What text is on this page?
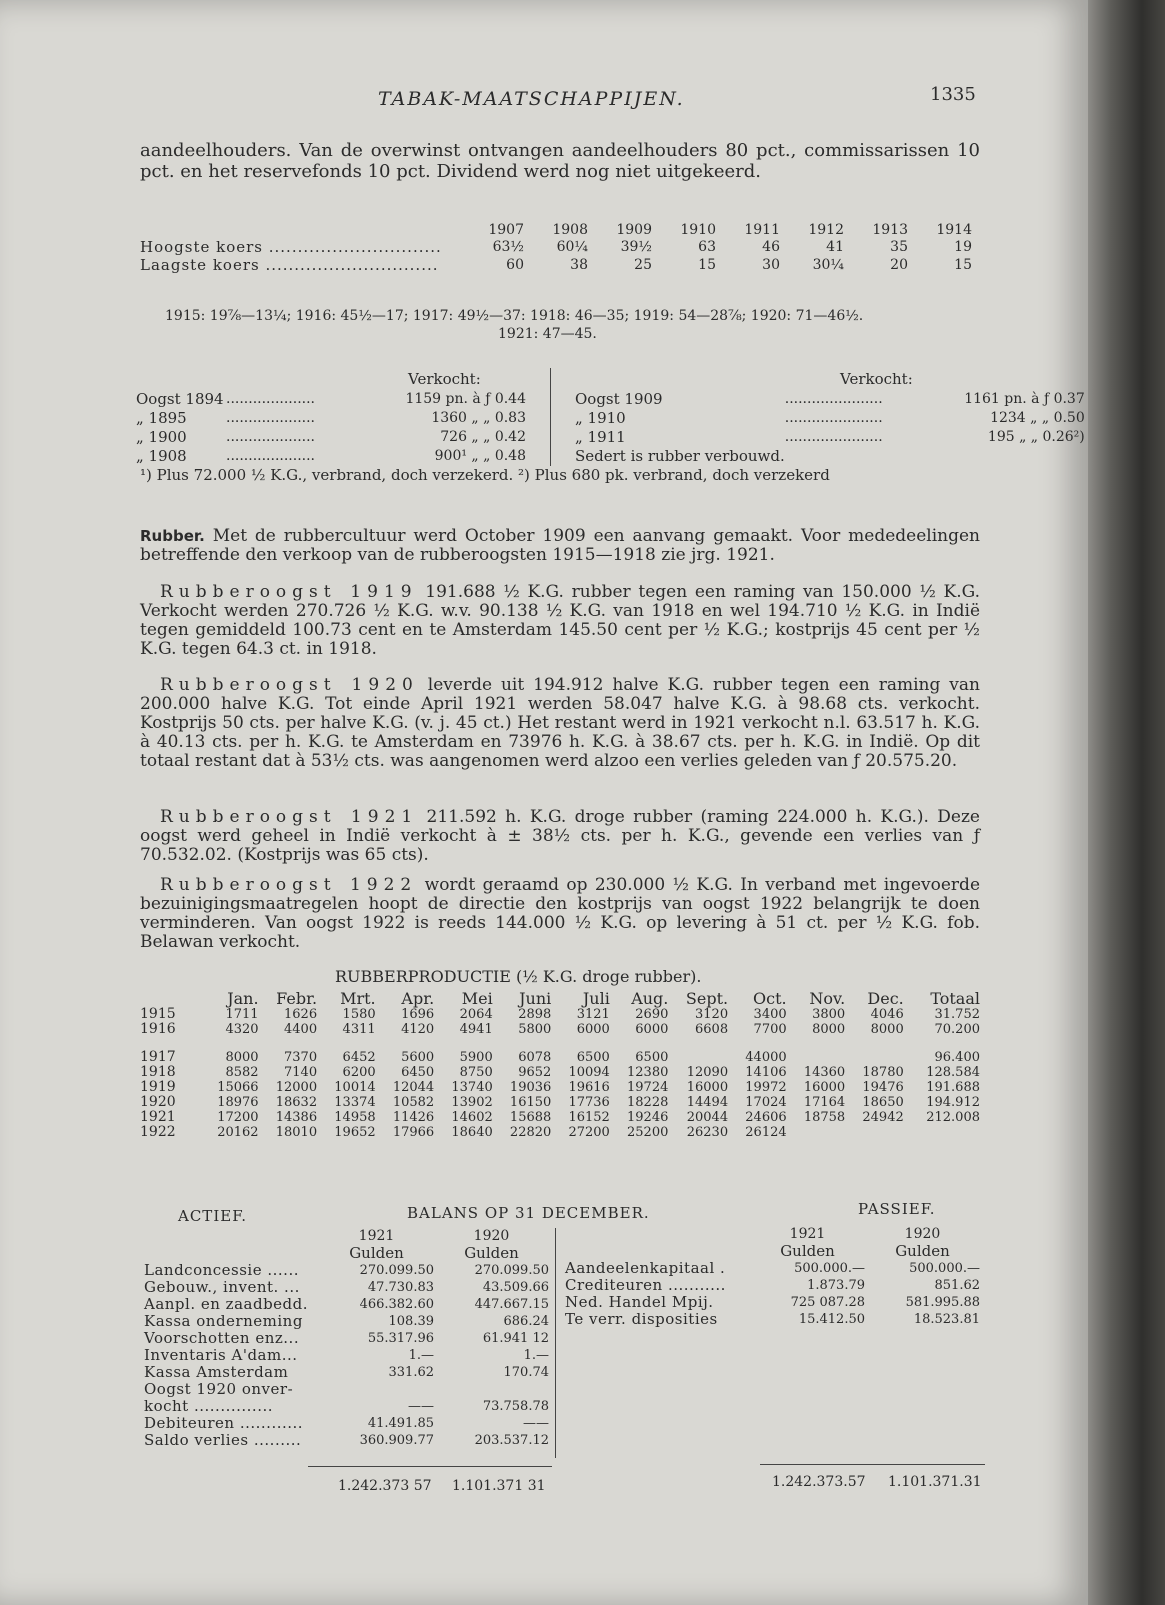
TABAK-MAATSCHAPPIJEN.	1335
aandeelhouders. Van de overwinst ontvangen aandeelhouders 80 pct., commissarissen 10 pct. en het reservefonds 10 pct. Dividend werd nog niet uitgekeerd.
	1907	1908	1909	1910	1911	1912	1913	1914
Hoogste koers ..............................	63½	60¼	39½	63	46	41	35	19
Laagste koers ..............................	60	38	25	15	30	30¼	20	15
1915: 19⅞—13¼; 1916: 45½—17; 1917: 49½—37: 1918: 46—35; 1919: 54—28⅞; 1920: 71—46½.
1921: 47—45.
Verkocht:	Verkocht:
Oogst 1894	....................	1159 pn. à ƒ 0.44
„ 1895	....................	1360 „ „ 0.83
„ 1900	....................	726 „ „ 0.42
„ 1908	....................	900¹ „ „ 0.48
Oogst 1909	......................	1161 pn. à ƒ 0.37
„ 1910	......................	1234 „ „ 0.50
„ 1911	......................	195 „ „ 0.26²)
Sedert is rubber verbouwd.		
¹) Plus 72.000 ½ K.G., verbrand, doch verzekerd. ²) Plus 680 pk. verbrand, doch verzekerd

Rubber. Met de rubbercultuur werd October 1909 een aanvang gemaakt. Voor mededeelingen betreffende den verkoop van de rubberoogsten 1915—1918 zie jrg. 1921.

Rubberoogst 1919 191.688 ½ K.G. rubber tegen een raming van 150.000 ½ K.G. Verkocht werden 270.726 ½ K.G. w.v. 90.138 ½ K.G. van 1918 en wel 194.710 ½ K.G. in Indië tegen gemiddeld 100.73 cent en te Amsterdam 145.50 cent per ½ K.G.; kostprijs 45 cent per ½ K.G. tegen 64.3 ct. in 1918.

Rubberoogst 1920 leverde uit 194.912 halve K.G. rubber tegen een raming van 200.000 halve K.G. Tot einde April 1921 werden 58.047 halve K.G. à 98.68 cts. verkocht. Kostprijs 50 cts. per halve K.G. (v. j. 45 ct.) Het restant werd in 1921 verkocht n.l. 63.517 h. K.G. à 40.13 cts. per h. K.G. te Amsterdam en 73976 h. K.G. à 38.67 cts. per h. K.G. in Indië. Op dit totaal restant dat à 53½ cts. was aangenomen werd alzoo een verlies geleden van ƒ 20.575.20.

Rubberoogst 1921 211.592 h. K.G. droge rubber (raming 224.000 h. K.G.). Deze oogst werd geheel in Indië verkocht à ± 38½ cts. per h. K.G., gevende een verlies van ƒ 70.532.02. (Kostprijs was 65 cts).

Rubberoogst 1922 wordt geraamd op 230.000 ½ K.G. In verband met ingevoerde bezuinigingsmaatregelen hoopt de directie den kostprijs van oogst 1922 belangrijk te doen verminderen. Van oogst 1922 is reeds 144.000 ½ K.G. op levering à 51 ct. per ½ K.G. fob. Belawan verkocht.

RUBBERPRODUCTIE (½ K.G. droge rubber).
	Jan.	Febr.	Mrt.	Apr.	Mei	Juni	Juli	Aug.	Sept.	Oct.	Nov.	Dec.	Totaal
1915	1711	1626	1580	1696	2064	2898	3121	2690	3120	3400	3800	4046	31.752
1916	4320	4400	4311	4120	4941	5800	6000	6000	6608	7700	8000	8000	70.200
1917	8000	7370	6452	5600	5900	6078	6500	6500		44000			96.400
1918	8582	7140	6200	6450	8750	9652	10094	12380	12090	14106	14360	18780	128.584
1919	15066	12000	10014	12044	13740	19036	19616	19724	16000	19972	16000	19476	191.688
1920	18976	18632	13374	10582	13902	16150	17736	18228	14494	17024	17164	18650	194.912
1921	17200	14386	14958	11426	14602	15688	16152	19246	20044	24606	18758	24942	212.008
1922	20162	18010	19652	17966	18640	22820	27200	25200	26230	26124			
ACTIEF.	BALANS OP 31 DECEMBER.	PASSIEF.
	1921	1920
	Gulden	Gulden
Landconcessie ......	270.099.50	270.099.50
Gebouw., invent. ...	47.730.83	43.509.66
Aanpl. en zaadbedd.	466.382.60	447.667.15
Kassa onderneming	108.39	686.24
Voorschotten enz...	55.317.96	61.941 12
Inventaris A'dam...	1.—	1.—
Kassa Amsterdam	331.62	170.74
Oogst 1920 onver-		
kocht ...............	——	73.758.78
Debiteuren ............	41.491.85	——
Saldo verlies .........	360.909.77	203.537.12
	1921	1920
	Gulden	Gulden
Aandeelenkapitaal .	500.000.—	500.000.—
Crediteuren ...........	1.873.79	851.62
Ned. Handel Mpij.	725 087.28	581.995.88
Te verr. disposities	15.412.50	18.523.81
1.242.373 57 1.101.371 31	1.242.373.57 1.101.371.31
